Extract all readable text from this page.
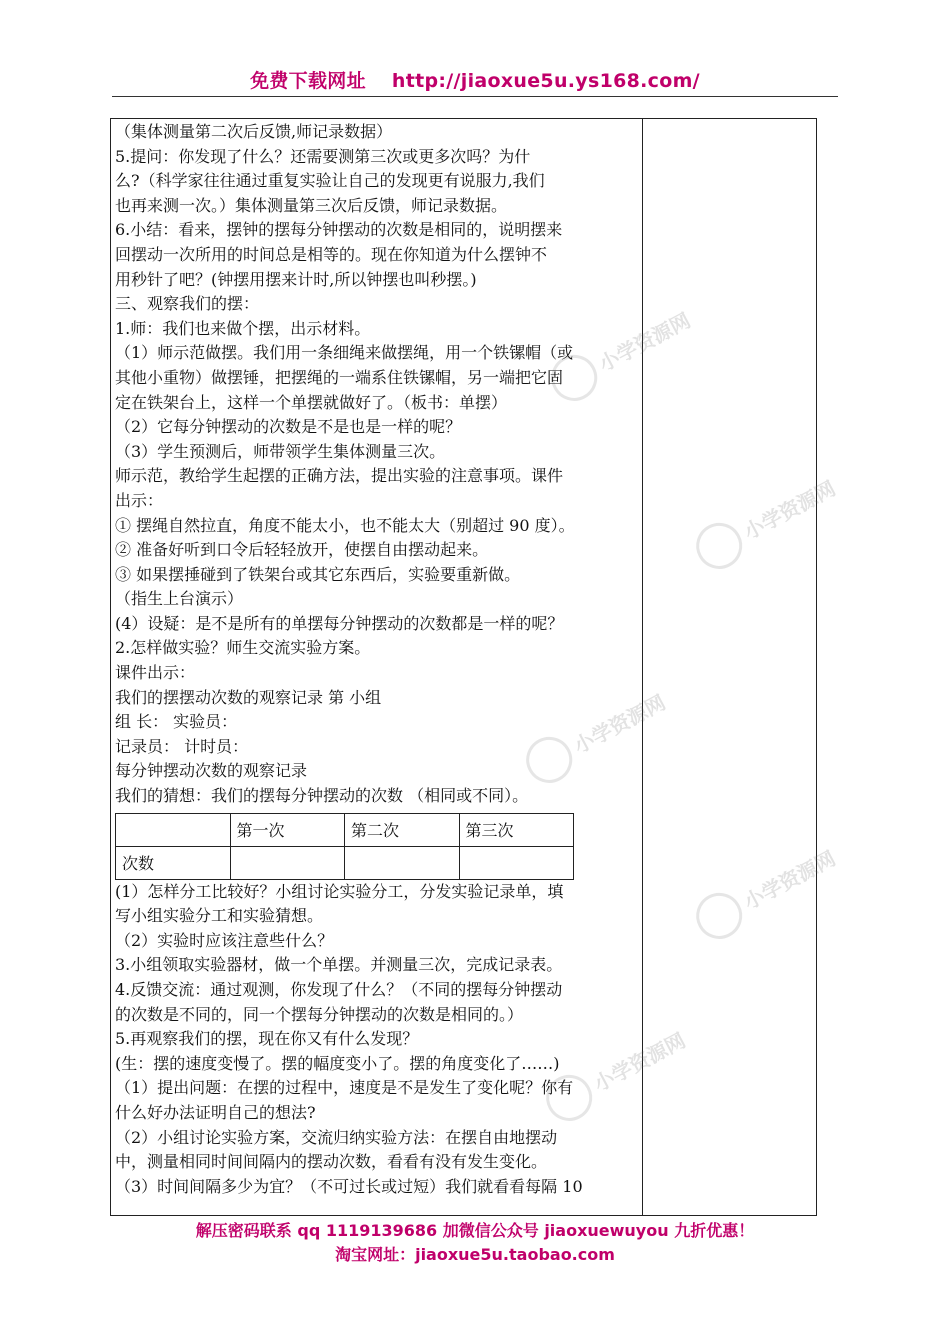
免费下载网址 http://jiaoxue5u.ys168.com/
小学资源网
小学资源网
小学资源网
小学资源网
小学资源网
（集体测量第二次后反馈,师记录数据）
5.提问：你发现了什么？还需要测第三次或更多次吗？为什
么?（科学家往往通过重复实验让自己的发现更有说服力,我们
也再来测一次。）集体测量第三次后反馈，师记录数据。
6.小结：看来，摆钟的摆每分钟摆动的次数是相同的，说明摆来
回摆动一次所用的时间总是相等的。现在你知道为什么摆钟不
用秒针了吧？(钟摆用摆来计时,所以钟摆也叫秒摆。)
三、观察我们的摆：
1.师：我们也来做个摆，出示材料。
（1）师示范做摆。我们用一条细绳来做摆绳，用一个铁镙帽（或
其他小重物）做摆锤，把摆绳的一端系住铁镙帽，另一端把它固
定在铁架台上，这样一个单摆就做好了。（板书：单摆）
（2）它每分钟摆动的次数是不是也是一样的呢？
（3）学生预测后，师带领学生集体测量三次。
师示范，教给学生起摆的正确方法，提出实验的注意事项。课件
出示：
① 摆绳自然拉直，角度不能太小，也不能太大（别超过 90 度）。
② 准备好听到口令后轻轻放开，使摆自由摆动起来。
③ 如果摆捶碰到了铁架台或其它东西后，实验要重新做。
（指生上台演示）
(4）设疑：是不是所有的单摆每分钟摆动的次数都是一样的呢？
2.怎样做实验？师生交流实验方案。
课件出示：
我们的摆摆动次数的观察记录 第 小组
组 长： 实验员：
记录员： 计时员：
每分钟摆动次数的观察记录
我们的猜想：我们的摆每分钟摆动的次数 （相同或不同）。
	第一次	第二次	第三次
次数			
(1）怎样分工比较好？小组讨论实验分工，分发实验记录单，填
写小组实验分工和实验猜想。
（2）实验时应该注意些什么？
3.小组领取实验器材，做一个单摆。并测量三次，完成记录表。
4.反馈交流：通过观测，你发现了什么？（不同的摆每分钟摆动
的次数是不同的，同一个摆每分钟摆动的次数是相同的。）
5.再观察我们的摆，现在你又有什么发现？
(生：摆的速度变慢了。摆的幅度变小了。摆的角度变化了……)
（1）提出问题：在摆的过程中，速度是不是发生了变化呢？你有
什么好办法证明自己的想法?
（2）小组讨论实验方案，交流归纳实验方法：在摆自由地摆动
中，测量相同时间间隔内的摆动次数，看看有没有发生变化。
（3）时间间隔多少为宜？（不可过长或过短）我们就看看每隔 10
解压密码联系 qq 1119139686 加微信公众号 jiaoxuewuyou 九折优惠！
淘宝网址：jiaoxue5u.taobao.com
